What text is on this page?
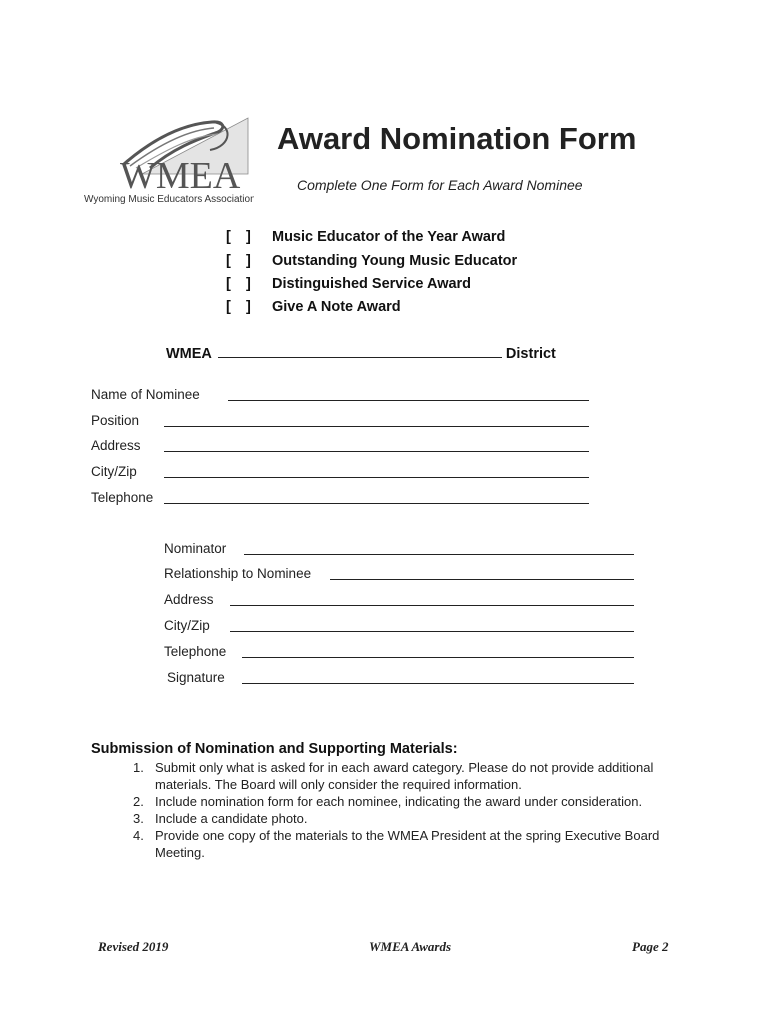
WMEA
Wyoming Music Educators Association
Award Nomination Form
Complete One Form for Each Award Nominee
[ ] Music Educator of the Year Award
[ ] Outstanding Young Music Educator
[ ] Distinguished Service Award
[ ] Give A Note Award
WMEA	District
Name of Nominee
Position
Address
City/Zip
Telephone
Nominator
Relationship to Nominee
Address
City/Zip
Telephone
Signature
Submission of Nomination and Supporting Materials:
1. Submit only what is asked for in each award category. Please do not provide additional materials. The Board will only consider the required information.
2. Include nomination form for each nominee, indicating the award under consideration.
3. Include a candidate photo.
4. Provide one copy of the materials to the WMEA President at the spring Executive Board Meeting.
Revised 2019	WMEA Awards	Page 2
